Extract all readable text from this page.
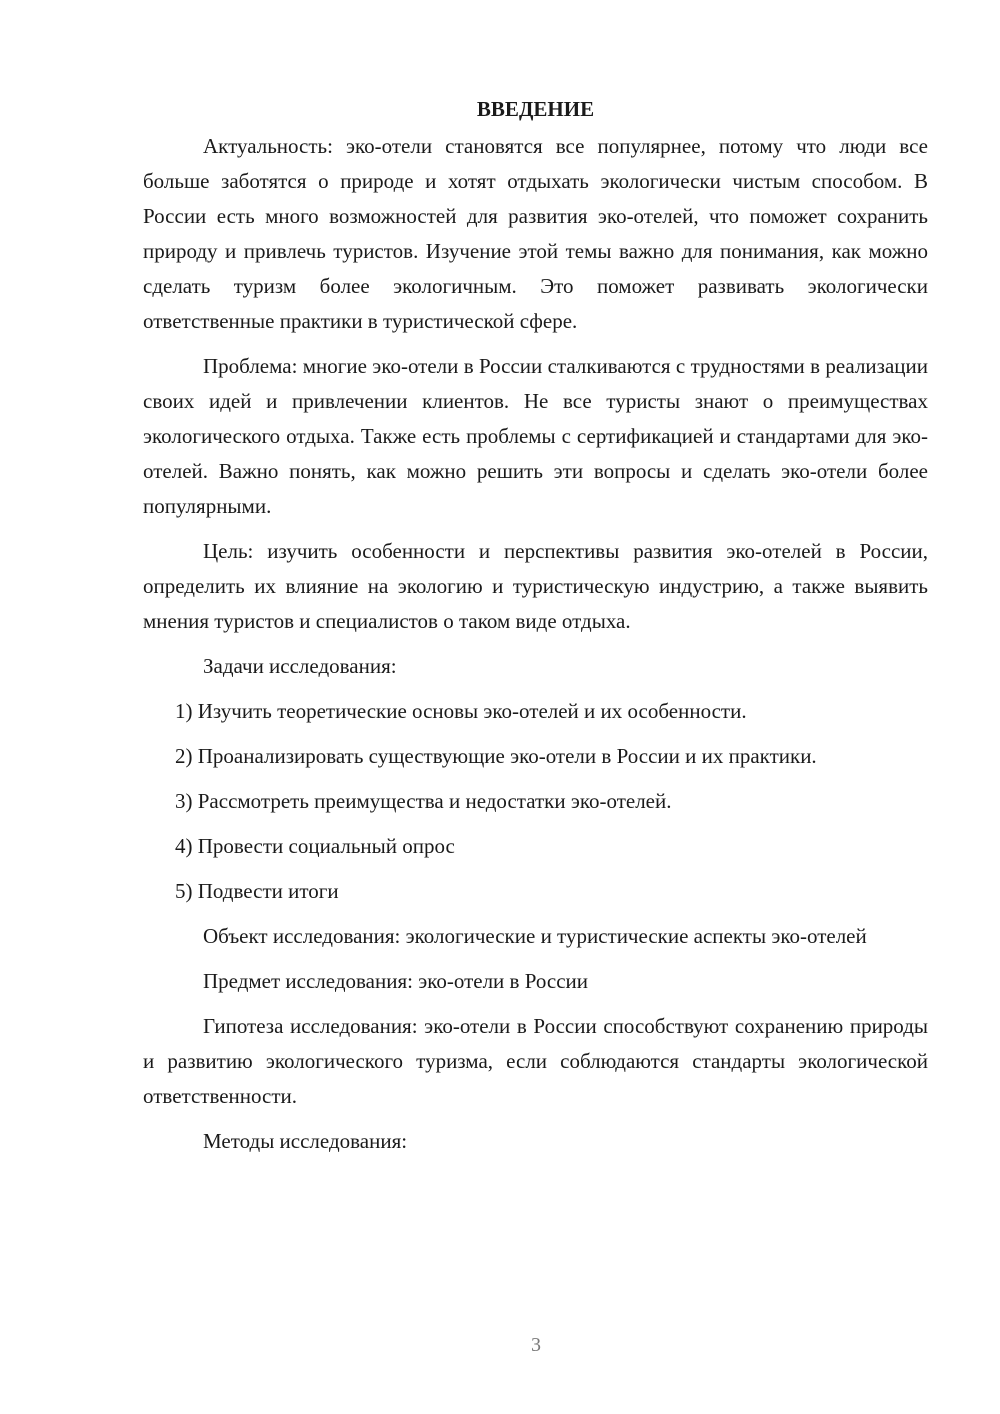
ВВЕДЕНИЕ

Актуальность: эко-отели становятся все популярнее, потому что люди все больше заботятся о природе и хотят отдыхать экологически чистым способом. В России есть много возможностей для развития эко-отелей, что поможет сохранить природу и привлечь туристов. Изучение этой темы важно для понимания, как можно сделать туризм более экологичным. Это поможет развивать экологически ответственные практики в туристической сфере.

Проблема: многие эко-отели в России сталкиваются с трудностями в реализации своих идей и привлечении клиентов. Не все туристы знают о преимуществах экологического отдыха. Также есть проблемы с сертификацией и стандартами для эко-отелей. Важно понять, как можно решить эти вопросы и сделать эко-отели более популярными.

Цель: изучить особенности и перспективы развития эко-отелей в России, определить их влияние на экологию и туристическую индустрию, а также выявить мнения туристов и специалистов о таком виде отдыха.

Задачи исследования:

1) Изучить теоретические основы эко-отелей и их особенности.

2) Проанализировать существующие эко-отели в России и их практики.

3) Рассмотреть преимущества и недостатки эко-отелей.

4) Провести социальный опрос

5) Подвести итоги

Объект исследования: экологические и туристические аспекты эко-отелей

Предмет исследования: эко-отели в России

Гипотеза исследования: эко-отели в России способствуют сохранению природы и развитию экологического туризма, если соблюдаются стандарты экологической ответственности.

Методы исследования:

3
